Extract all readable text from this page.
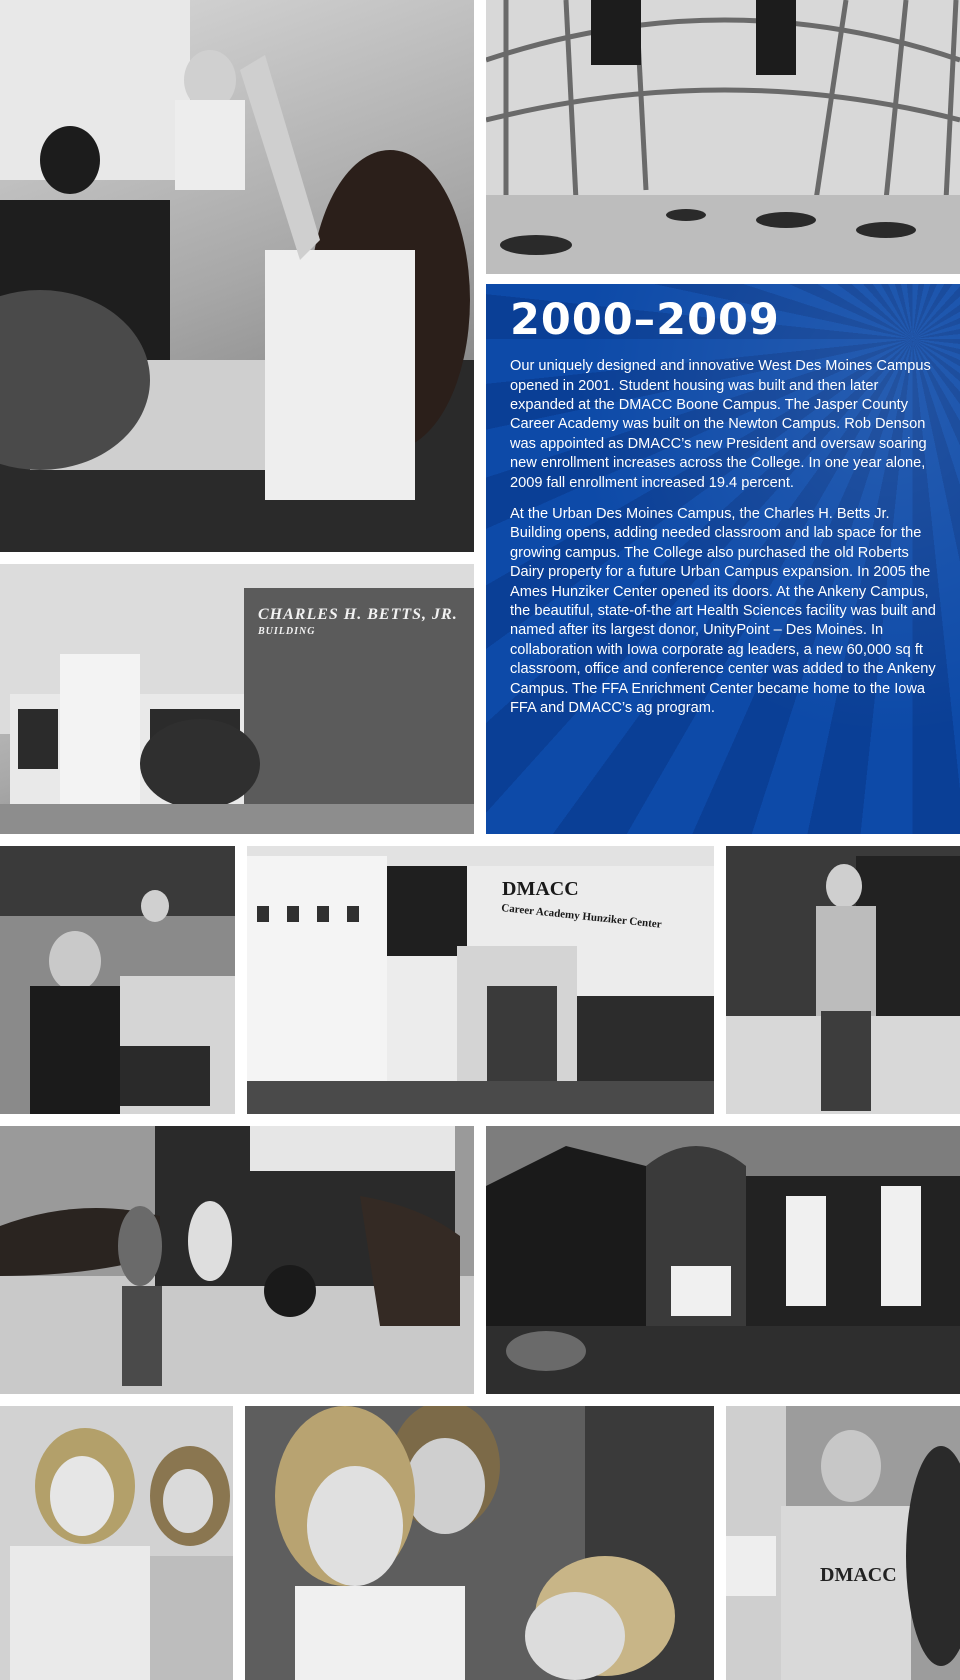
CHARLES H. BETTS, JR.
BUILDING
2000–2009

Our uniquely designed and innovative West Des Moines Campus opened in 2001. Student housing was built and then later expanded at the DMACC Boone Campus. The Jasper County Career Academy was built on the Newton Campus. Rob Denson was appointed as DMACC’s new President and oversaw soaring new enrollment increases across the College. In one year alone, 2009 fall enrollment increased 19.4 percent.

At the Urban Des Moines Campus, the Charles H. Betts Jr. Building opens, adding needed classroom and lab space for the growing campus. The College also purchased the old Roberts Dairy property for a future Urban Campus expansion. In 2005 the Ames Hunziker Center opened its doors. At the Ankeny Campus, the beautiful, state-of-the art Health Sciences facility was built and named after its largest donor, UnityPoint – Des Moines. In collaboration with Iowa corporate ag leaders, a new 60,000 sq ft classroom, office and conference center was added to the Ankeny Campus. The FFA Enrichment Center became home to the Iowa FFA and DMACC’s ag program.

DMACC
Career Academy Hunziker Center
DMACC
